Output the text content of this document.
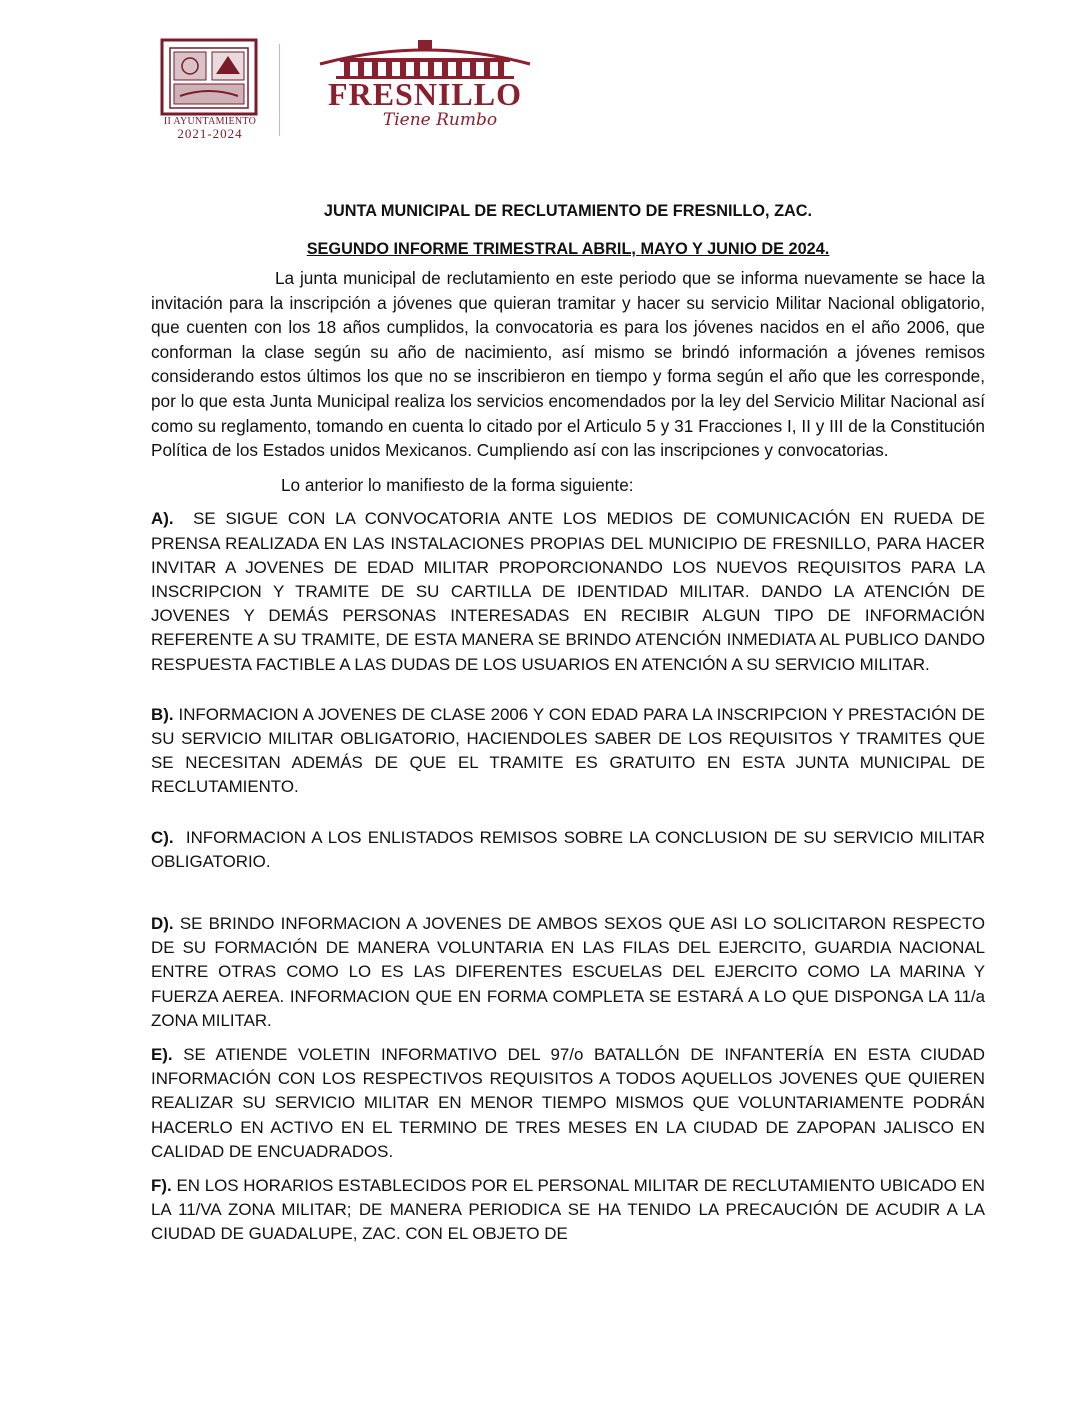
II AYUNTAMIENTO
2021-2024
FRESNILLO
Tiene Rumbo
JUNTA MUNICIPAL DE RECLUTAMIENTO DE FRESNILLO, ZAC.
SEGUNDO INFORME TRIMESTRAL ABRIL, MAYO Y JUNIO DE 2024.

La junta municipal de reclutamiento en este periodo que se informa nuevamente se hace la invitación para la inscripción a jóvenes que quieran tramitar y hacer su servicio Militar Nacional obligatorio, que cuenten con los 18 años cumplidos, la convocatoria es para los jóvenes nacidos en el año 2006, que conforman la clase según su año de nacimiento, así mismo se brindó información a jóvenes remisos considerando estos últimos los que no se inscribieron en tiempo y forma según el año que les corresponde, por lo que esta Junta Municipal realiza los servicios encomendados por la ley del Servicio Militar Nacional así como su reglamento, tomando en cuenta lo citado por el Articulo 5 y 31 Fracciones I, II y III de la Constitución Política de los Estados unidos Mexicanos. Cumpliendo así con las inscripciones y convocatorias.

Lo anterior lo manifiesto de la forma siguiente:

A). SE SIGUE CON LA CONVOCATORIA ANTE LOS MEDIOS DE COMUNICACIÓN EN RUEDA DE PRENSA REALIZADA EN LAS INSTALACIONES PROPIAS DEL MUNICIPIO DE FRESNILLO, PARA HACER INVITAR A JOVENES DE EDAD MILITAR PROPORCIONANDO LOS NUEVOS REQUISITOS PARA LA INSCRIPCION Y TRAMITE DE SU CARTILLA DE IDENTIDAD MILITAR. DANDO LA ATENCIÓN DE JOVENES Y DEMÁS PERSONAS INTERESADAS EN RECIBIR ALGUN TIPO DE INFORMACIÓN REFERENTE A SU TRAMITE, DE ESTA MANERA SE BRINDO ATENCIÓN INMEDIATA AL PUBLICO DANDO RESPUESTA FACTIBLE A LAS DUDAS DE LOS USUARIOS EN ATENCIÓN A SU SERVICIO MILITAR.

B). INFORMACION A JOVENES DE CLASE 2006 Y CON EDAD PARA LA INSCRIPCION Y PRESTACIÓN DE SU SERVICIO MILITAR OBLIGATORIO, HACIENDOLES SABER DE LOS REQUISITOS Y TRAMITES QUE SE NECESITAN ADEMÁS DE QUE EL TRAMITE ES GRATUITO EN ESTA JUNTA MUNICIPAL DE RECLUTAMIENTO.

C). INFORMACION A LOS ENLISTADOS REMISOS SOBRE LA CONCLUSION DE SU SERVICIO MILITAR OBLIGATORIO.

D). SE BRINDO INFORMACION A JOVENES DE AMBOS SEXOS QUE ASI LO SOLICITARON RESPECTO DE SU FORMACIÓN DE MANERA VOLUNTARIA EN LAS FILAS DEL EJERCITO, GUARDIA NACIONAL ENTRE OTRAS COMO LO ES LAS DIFERENTES ESCUELAS DEL EJERCITO COMO LA MARINA Y FUERZA AEREA. INFORMACION QUE EN FORMA COMPLETA SE ESTARÁ A LO QUE DISPONGA LA 11/a ZONA MILITAR.

E). SE ATIENDE VOLETIN INFORMATIVO DEL 97/o BATALLÓN DE INFANTERÍA EN ESTA CIUDAD INFORMACIÓN CON LOS RESPECTIVOS REQUISITOS A TODOS AQUELLOS JOVENES QUE QUIEREN REALIZAR SU SERVICIO MILITAR EN MENOR TIEMPO MISMOS QUE VOLUNTARIAMENTE PODRÁN HACERLO EN ACTIVO EN EL TERMINO DE TRES MESES EN LA CIUDAD DE ZAPOPAN JALISCO EN CALIDAD DE ENCUADRADOS.

F). EN LOS HORARIOS ESTABLECIDOS POR EL PERSONAL MILITAR DE RECLUTAMIENTO UBICADO EN LA 11/VA ZONA MILITAR; DE MANERA PERIODICA SE HA TENIDO LA PRECAUCIÓN DE ACUDIR A LA CIUDAD DE GUADALUPE, ZAC. CON EL OBJETO DE
